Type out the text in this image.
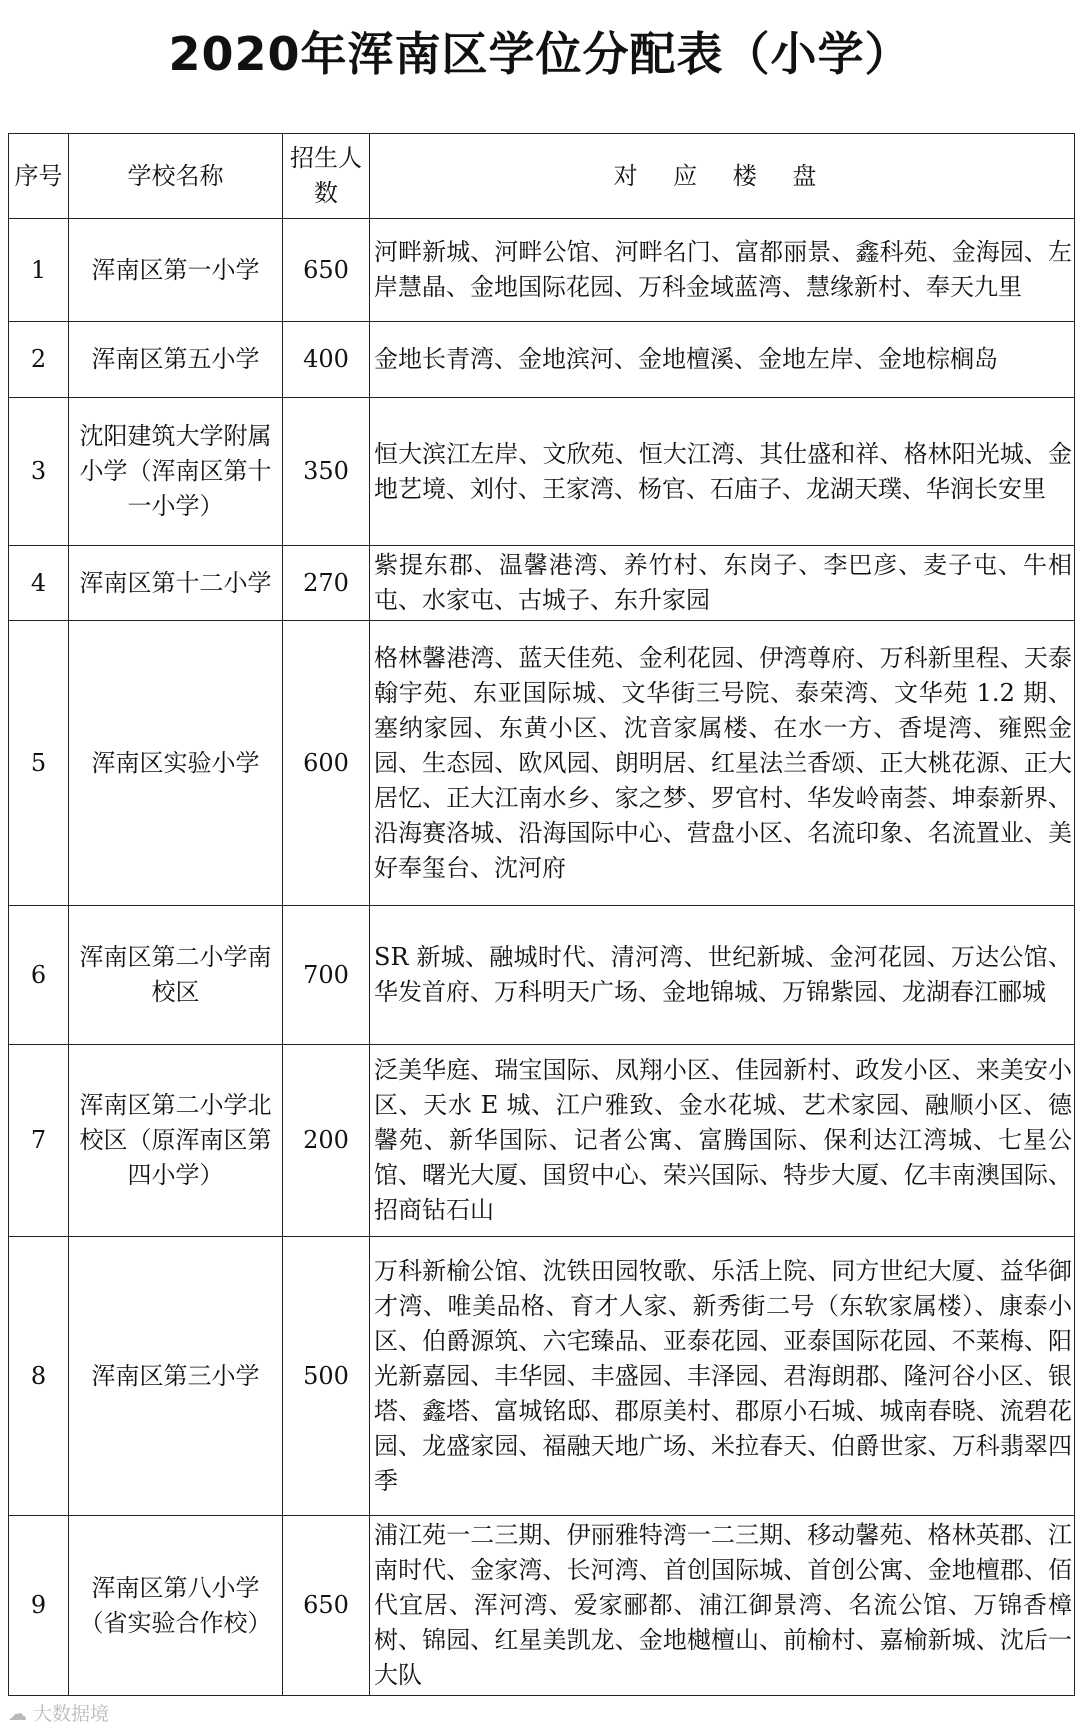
2020年浑南区学位分配表（小学）
序号	学校名称	招生人数	对 应 楼 盘
1	浑南区第一小学	650	河畔新城、河畔公馆、河畔名门、富都丽景、鑫科苑、金海园、左岸慧晶、金地国际花园、万科金域蓝湾、慧缘新村、奉天九里
2	浑南区第五小学	400	金地长青湾、金地滨河、金地檀溪、金地左岸、金地棕榈岛
3	沈阳建筑大学附属小学（浑南区第十一小学）	350	恒大滨江左岸、文欣苑、恒大江湾、其仕盛和祥、格林阳光城、金地艺境、刘付、王家湾、杨官、石庙子、龙湖天璞、华润长安里
4	浑南区第十二小学	270	紫提东郡、温馨港湾、养竹村、东岗子、李巴彦、麦子屯、牛相屯、水家屯、古城子、东升家园
5	浑南区实验小学	600	格林馨港湾、蓝天佳苑、金利花园、伊湾尊府、万科新里程、天泰翰宇苑、东亚国际城、文华街三号院、泰荣湾、文华苑 1.2 期、塞纳家园、东黄小区、沈音家属楼、在水一方、香堤湾、雍熙金园、生态园、欧风园、朗明居、红星法兰香颂、正大桃花源、正大居忆、正大江南水乡、家之梦、罗官村、华发岭南荟、坤泰新界、沿海赛洛城、沿海国际中心、营盘小区、名流印象、名流置业、美好奉玺台、沈河府
6	浑南区第二小学南校区	700	SR 新城、融城时代、清河湾、世纪新城、金河花园、万达公馆、华发首府、万科明天广场、金地锦城、万锦紫园、龙湖春江郦城
7	浑南区第二小学北校区（原浑南区第四小学）	200	泛美华庭、瑞宝国际、凤翔小区、佳园新村、政发小区、来美安小区、天水 E 城、江户雅致、金水花城、艺术家园、融顺小区、德馨苑、新华国际、记者公寓、富腾国际、保利达江湾城、七星公馆、曙光大厦、国贸中心、荣兴国际、特步大厦、亿丰南澳国际、招商钻石山
8	浑南区第三小学	500	万科新榆公馆、沈铁田园牧歌、乐活上院、同方世纪大厦、益华御才湾、唯美品格、育才人家、新秀街二号（东软家属楼）、康泰小区、伯爵源筑、六宅臻品、亚泰花园、亚泰国际花园、不莱梅、阳光新嘉园、丰华园、丰盛园、丰泽园、君海朗郡、隆河谷小区、银塔、鑫塔、富城铭邸、郡原美村、郡原小石城、城南春晓、流碧花园、龙盛家园、福融天地广场、米拉春天、伯爵世家、万科翡翠四季
9	浑南区第八小学（省实验合作校）	650	浦江苑一二三期、伊丽雅特湾一二三期、移动馨苑、格林英郡、江南时代、金家湾、长河湾、首创国际城、首创公寓、金地檀郡、佰代宜居、浑河湾、爱家郦都、浦江御景湾、名流公馆、万锦香樟树、锦园、红星美凯龙、金地樾檀山、前榆村、嘉榆新城、沈后一大队
☁ 大数据境
